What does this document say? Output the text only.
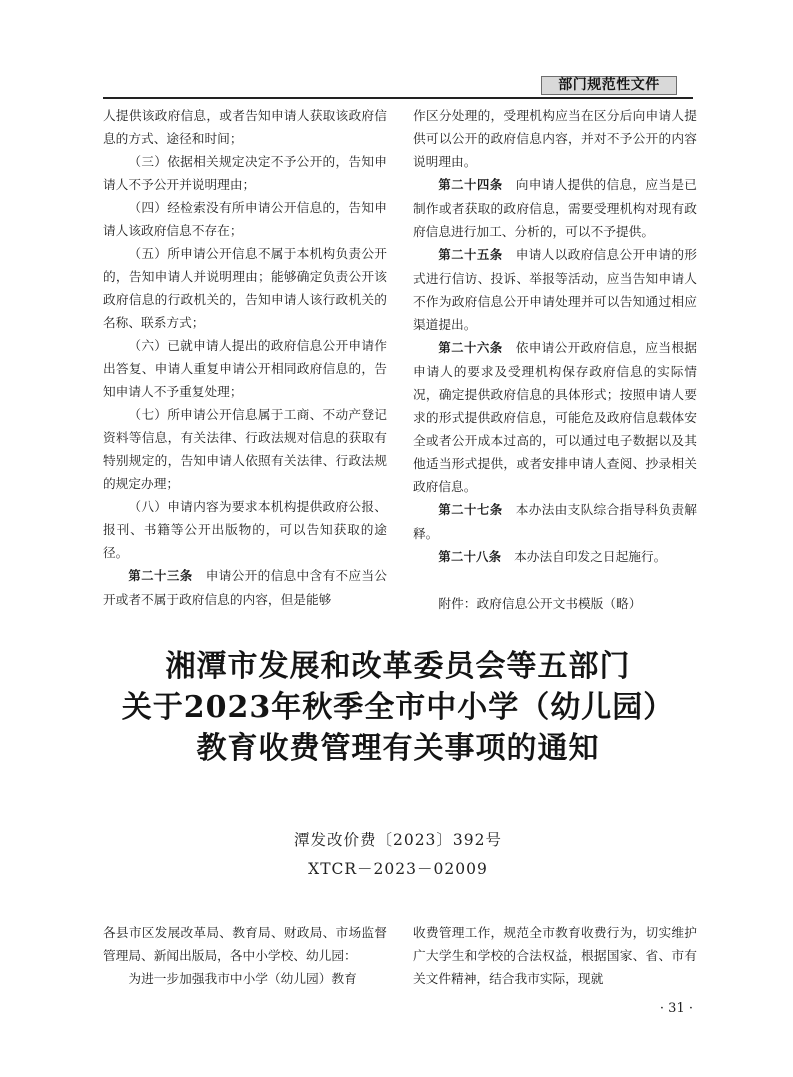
部门规范性文件

人提供该政府信息，或者告知申请人获取该政府信息的方式、途径和时间；

（三）依据相关规定决定不予公开的，告知申请人不予公开并说明理由；

（四）经检索没有所申请公开信息的，告知申请人该政府信息不存在；

（五）所申请公开信息不属于本机构负责公开的，告知申请人并说明理由；能够确定负责公开该政府信息的行政机关的，告知申请人该行政机关的名称、联系方式；

（六）已就申请人提出的政府信息公开申请作出答复、申请人重复申请公开相同政府信息的，告知申请人不予重复处理；

（七）所申请公开信息属于工商、不动产登记资料等信息，有关法律、行政法规对信息的获取有特别规定的，告知申请人依照有关法律、行政法规的规定办理；

（八）申请内容为要求本机构提供政府公报、报刊、书籍等公开出版物的，可以告知获取的途径。

第二十三条　申请公开的信息中含有不应当公开或者不属于政府信息的内容，但是能够

作区分处理的，受理机构应当在区分后向申请人提供可以公开的政府信息内容，并对不予公开的内容说明理由。

第二十四条　向申请人提供的信息，应当是已制作或者获取的政府信息，需要受理机构对现有政府信息进行加工、分析的，可以不予提供。

第二十五条　申请人以政府信息公开申请的形式进行信访、投诉、举报等活动，应当告知申请人不作为政府信息公开申请处理并可以告知通过相应渠道提出。

第二十六条　依申请公开政府信息，应当根据申请人的要求及受理机构保存政府信息的实际情况，确定提供政府信息的具体形式；按照申请人要求的形式提供政府信息，可能危及政府信息载体安全或者公开成本过高的，可以通过电子数据以及其他适当形式提供，或者安排申请人查阅、抄录相关政府信息。

第二十七条　本办法由支队综合指导科负责解释。

第二十八条　本办法自印发之日起施行。

附件：政府信息公开文书模版（略）

湘潭市发展和改革委员会等五部门
关于2023年秋季全市中小学（幼儿园）
教育收费管理有关事项的通知
潭发改价费〔2023〕392号
XTCR－2023－02009

各县市区发展改革局、教育局、财政局、市场监督管理局、新闻出版局，各中小学校、幼儿园：

为进一步加强我市中小学（幼儿园）教育

收费管理工作，规范全市教育收费行为，切实维护广大学生和学校的合法权益，根据国家、省、市有关文件精神，结合我市实际，现就

· 31 ·
